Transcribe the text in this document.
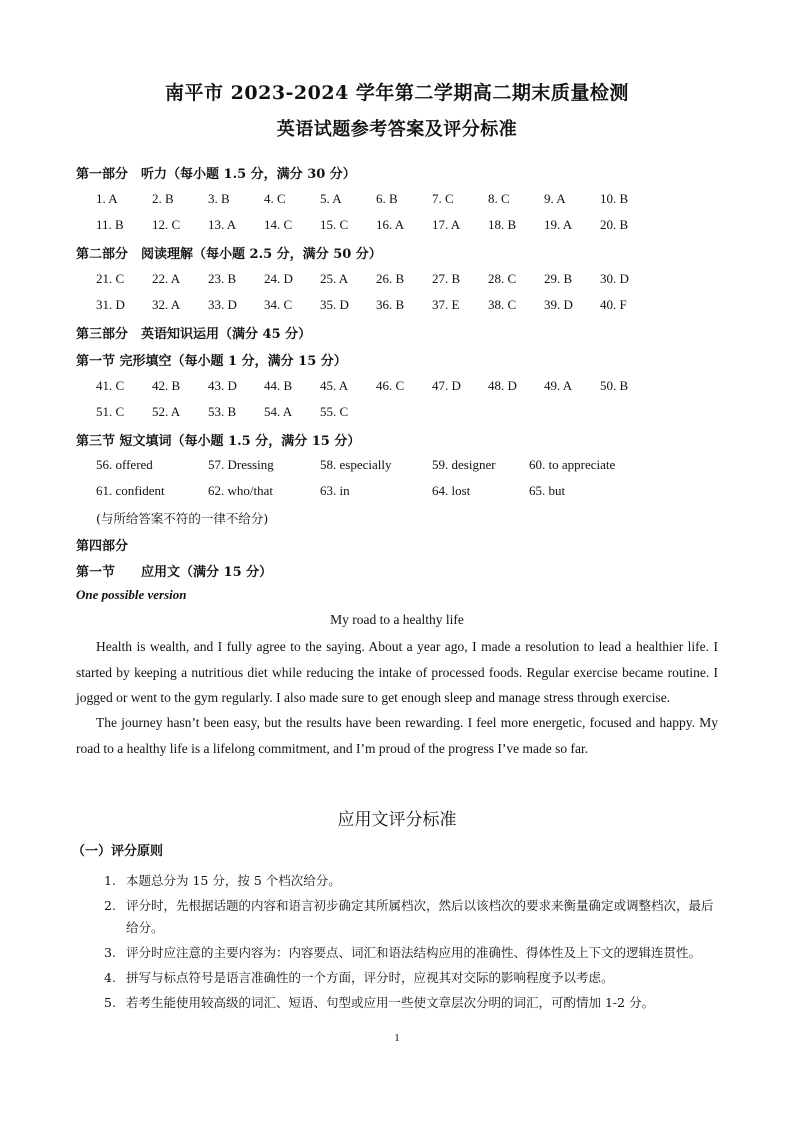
南平市 2023-2024 学年第二学期高二期末质量检测
英语试题参考答案及评分标准
第一部分　听力（每小题 1.5 分，满分 30 分）
1. A	2. B	3. B	4. C	5. A	6. B	7. C	8. C	9. A	10. B
11. B 12. C 13. A 14. C 15. C 16. A 17. A 18. B 19. A 20. B
第二部分　阅读理解（每小题 2.5 分，满分 50 分）
21. C 22. A 23. B 24. D 25. A 26. B 27. B 28. C 29. B 30. D
31. D 32. A 33. D 34. C 35. D 36. B 37. E 38. C 39. D 40. F
第三部分　英语知识运用（满分 45 分）
第一节 完形填空（每小题 1 分，满分 15 分）
41. C 42. B 43. D 44. B 45. A 46. C 47. D 48. D 49. A 50. B
51. C 52. A 53. B 54. A 55. C
第三节 短文填词（每小题 1.5 分，满分 15 分）
56. offered	57. Dressing	58. especially	59. designer	60. to appreciate
61. confident	62. who/that	63. in	64. lost	65. but
(与所给答案不符的一律不给分)
第四部分
第一节　　应用文（满分 15 分）
One possible version
My road to a healthy life

Health is wealth, and I fully agree to the saying. About a year ago, I made a resolution to lead a healthier life. I started by keeping a nutritious diet while reducing the intake of processed foods. Regular exercise became routine. I jogged or went to the gym regularly. I also made sure to get enough sleep and manage stress through exercise.

The journey hasn’t been easy, but the results have been rewarding. I feel more energetic, focused and happy. My road to a healthy life is a lifelong commitment, and I’m proud of the progress I’ve made so far.

应用文评分标准
（一）评分原则
1. 本题总分为 15 分，按 5 个档次给分。
2. 评分时，先根据话题的内容和语言初步确定其所属档次，然后以该档次的要求来衡量确定或调整档次，最后给分。
3. 评分时应注意的主要内容为：内容要点、词汇和语法结构应用的准确性、得体性及上下文的逻辑连贯性。
4. 拼写与标点符号是语言准确性的一个方面，评分时，应视其对交际的影响程度予以考虑。
5. 若考生能使用较高级的词汇、短语、句型或应用一些使文章层次分明的词汇，可酌情加 1-2 分。
1
